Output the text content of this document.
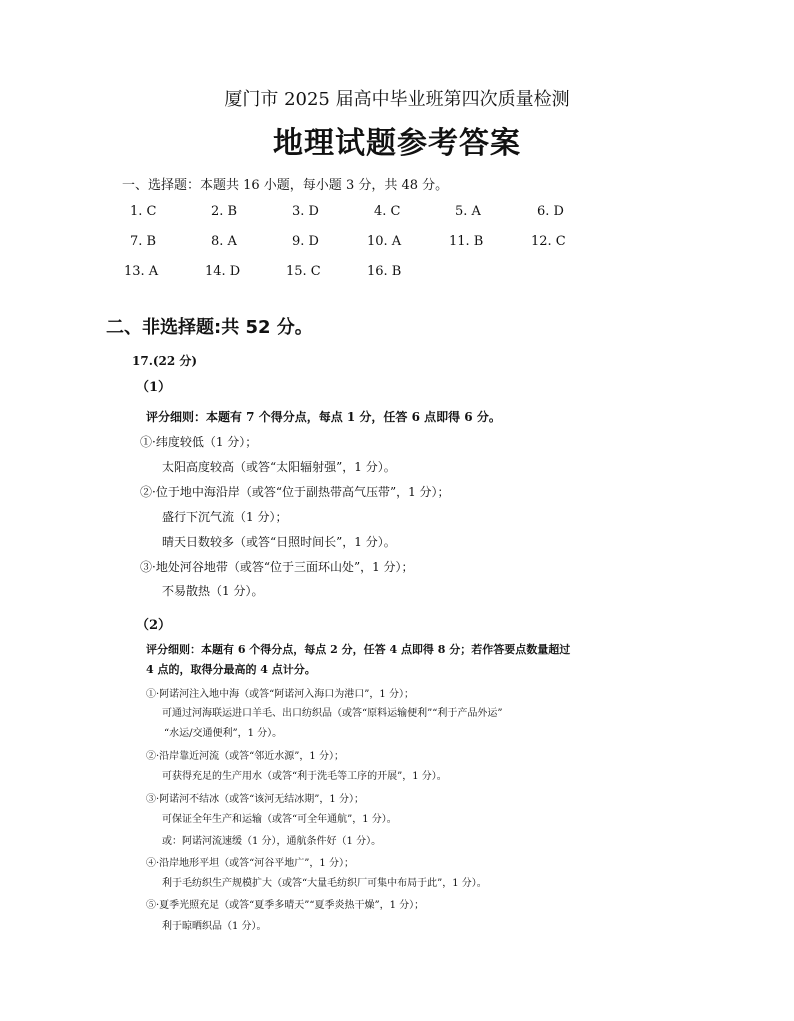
厦门市 2025 届高中毕业班第四次质量检测
地理试题参考答案
一、选择题：本题共 16 小题，每小题 3 分，共 48 分。
1. C	2. B	3. D	4. C	5. A	6. D
7. B	8. A	9. D	10. A	11. B	12. C
13. A	14. D	15. C	16. B
二、非选择题:共 52 分。
17.(22 分)
（1）
评分细则：本题有 7 个得分点，每点 1 分，任答 6 点即得 6 分。
①·纬度较低（1 分）；
太阳高度较高（或答“太阳辐射强”，1 分）。
②·位于地中海沿岸（或答“位于副热带高气压带”，1 分）；
盛行下沉气流（1 分）；
晴天日数较多（或答“日照时间长”，1 分）。
③·地处河谷地带（或答“位于三面环山处”，1 分）；
不易散热（1 分）。
（2）
评分细则：本题有 6 个得分点，每点 2 分，任答 4 点即得 8 分；若作答要点数量超过
4 点的，取得分最高的 4 点计分。
①·阿诺河注入地中海（或答“阿诺河入海口为港口”，1 分）；
可通过河海联运进口羊毛、出口纺织品（或答“原料运输便利”“利于产品外运”
“水运/交通便利”，1 分）。
②·沿岸靠近河流（或答“邻近水源”，1 分）；
可获得充足的生产用水（或答“利于洗毛等工序的开展”，1 分）。
③·阿诺河不结冰（或答“该河无结冰期”，1 分）；
可保证全年生产和运输（或答“可全年通航”，1 分）。
或：阿诺河流速缓（1 分），通航条件好（1 分）。
④·沿岸地形平坦（或答“河谷平地广”，1 分）；
利于毛纺织生产规模扩大（或答“大量毛纺织厂可集中布局于此”，1 分）。
⑤·夏季光照充足（或答“夏季多晴天”“夏季炎热干燥”，1 分）；
利于晾晒织品（1 分）。
